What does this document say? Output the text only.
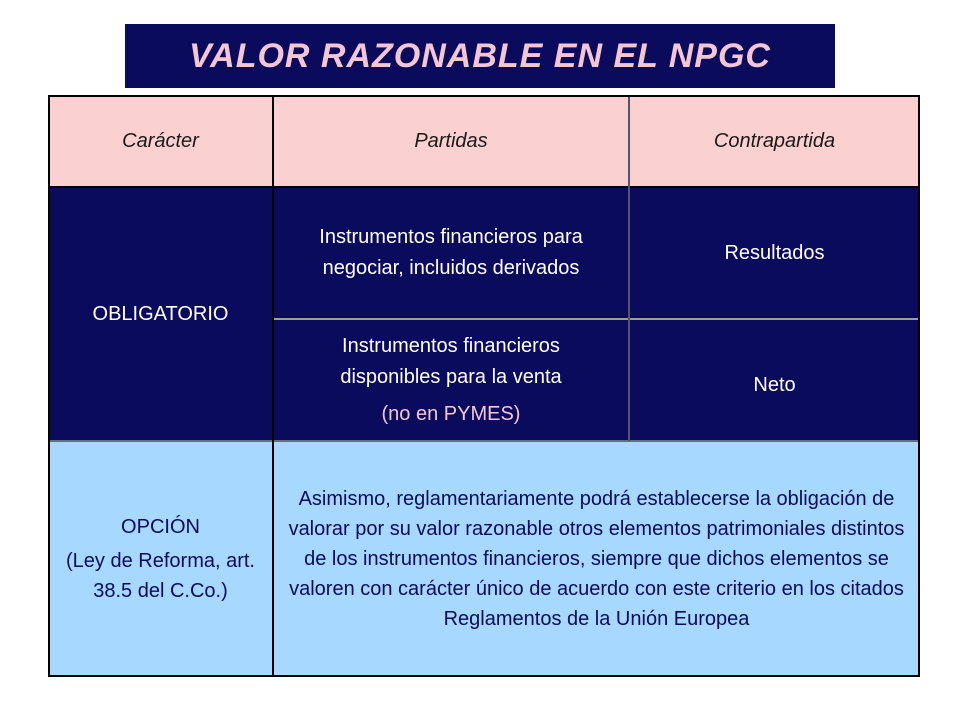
VALOR RAZONABLE EN EL NPGC
Carácter	Partidas	Contrapartida
OBLIGATORIO
Instrumentos financieros para negociar, incluidos derivados
Resultados
Instrumentos financieros disponibles para la venta
(no en PYMES)
Neto
OPCIÓN
(Ley de Reforma, art. 38.5 del C.Co.)
Asimismo, reglamentariamente podrá establecerse la obligación de valorar por su valor razonable otros elementos patrimoniales distintos de los instrumentos financieros, siempre que dichos elementos se valoren con carácter único de acuerdo con este criterio en los citados Reglamentos de la Unión Europea
